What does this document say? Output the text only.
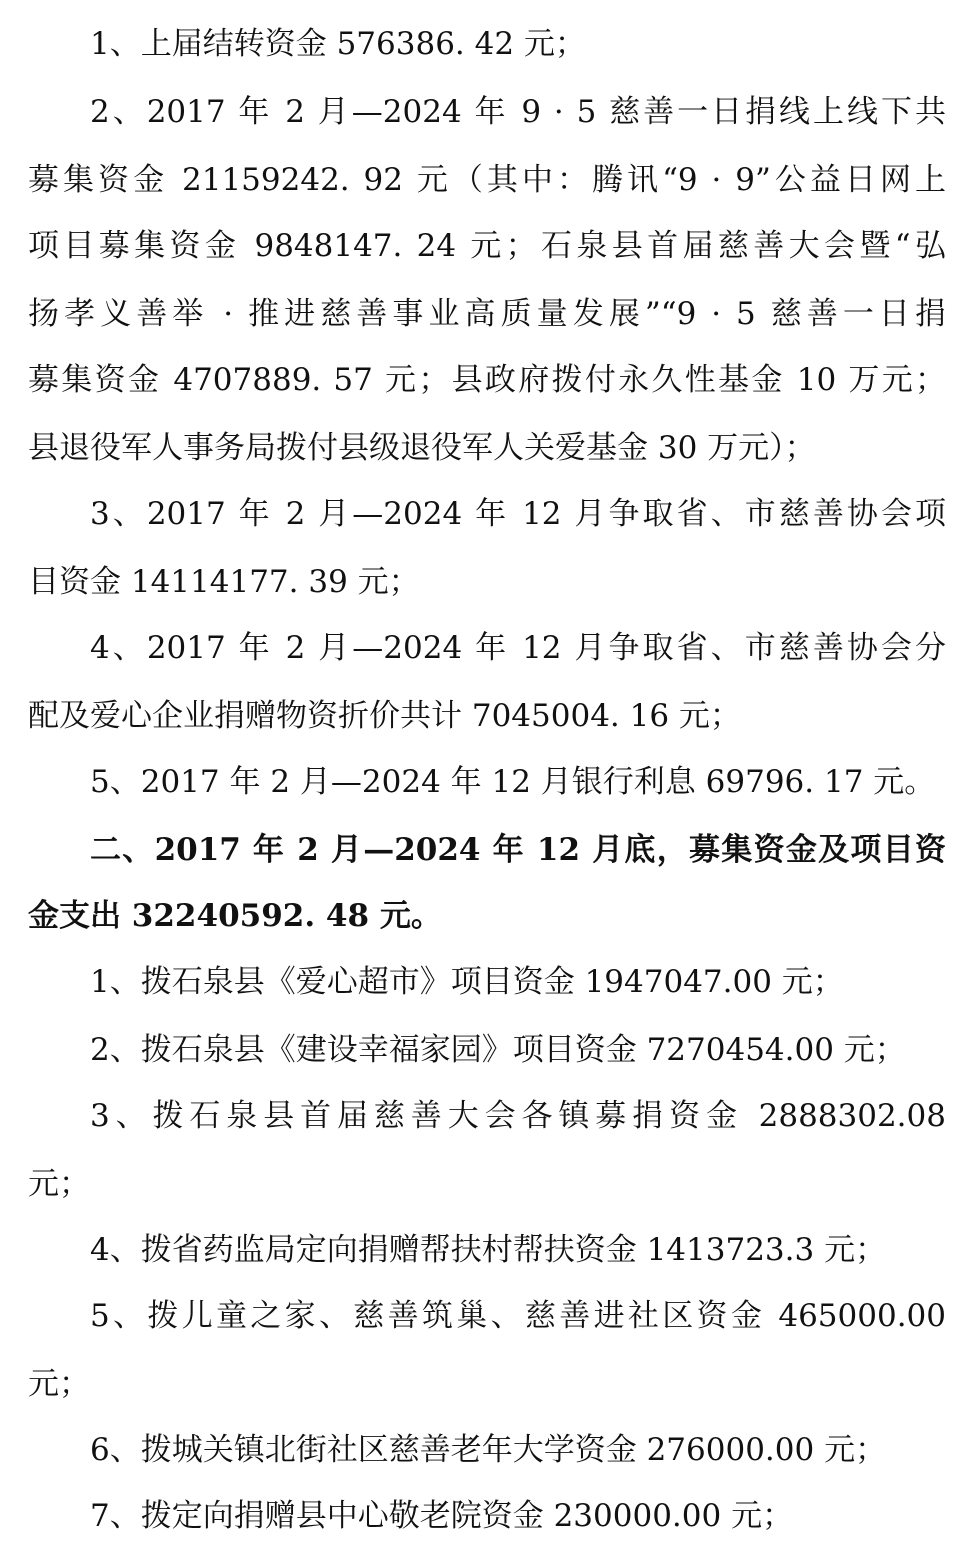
1、上届结转资金 576386. 42 元；
2、2017 年 2 月—2024 年 9 · 5 慈善一日捐线上线下共
募集资金 21159242. 92 元（其中：腾讯“9 · 9”公益日网上
项目募集资金 9848147. 24 元；石泉县首届慈善大会暨“弘
扬孝义善举 · 推进慈善事业高质量发展”“9 · 5 慈善一日捐
募集资金 4707889. 57 元；县政府拨付永久性基金 10 万元；
县退役军人事务局拨付县级退役军人关爱基金 30 万元）；
3、2017 年 2 月—2024 年 12 月争取省、市慈善协会项
目资金 14114177. 39 元；
4、2017 年 2 月—2024 年 12 月争取省、市慈善协会分
配及爱心企业捐赠物资折价共计 7045004. 16 元；
5、2017 年 2 月—2024 年 12 月银行利息 69796. 17 元。
二、2017 年 2 月—2024 年 12 月底，募集资金及项目资
金支出 32240592. 48 元。
1、拨石泉县《爱心超市》项目资金 1947047.00 元；
2、拨石泉县《建设幸福家园》项目资金 7270454.00 元；
3、拨石泉县首届慈善大会各镇募捐资金 2888302.08
元；
4、拨省药监局定向捐赠帮扶村帮扶资金 1413723.3 元；
5、拨儿童之家、慈善筑巢、慈善进社区资金 465000.00
元；
6、拨城关镇北街社区慈善老年大学资金 276000.00 元；
7、拨定向捐赠县中心敬老院资金 230000.00 元；
